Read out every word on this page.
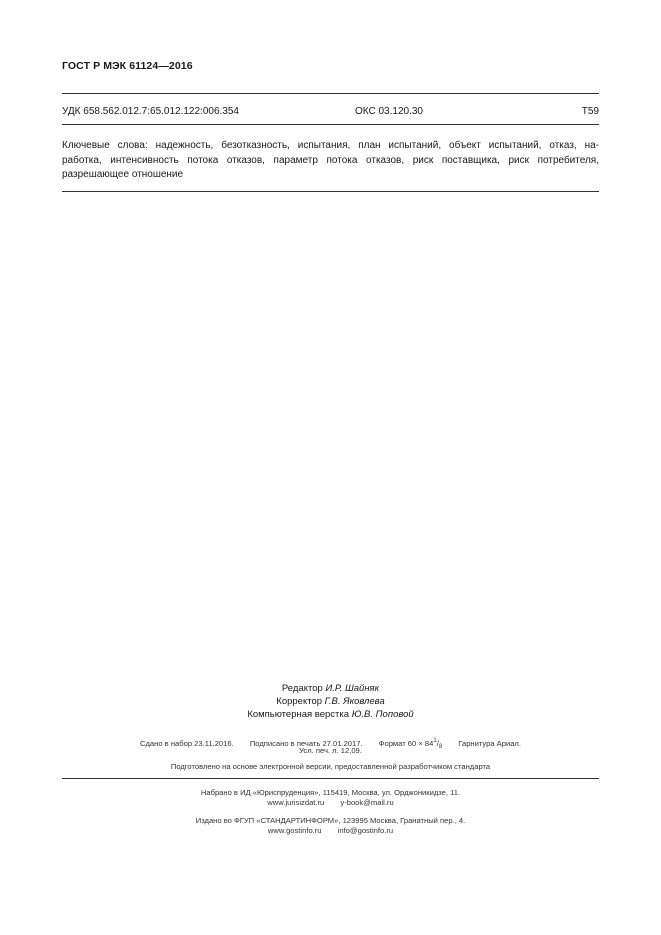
ГОСТ Р МЭК 61124—2016
УДК 658.562.012.7:65.012.122:006.354	ОКС 03.120.30	Т59
Ключевые слова: надежность, безотказность, испытания, план испытаний, объект испытаний, отказ, на-
работка, интенсивность потока отказов, параметр потока отказов, риск поставщика, риск потребителя,
разрешающее отношение
Редактор И.Р. Шайняк
Корректор Г.В. Яковлева
Компьютерная верстка Ю.В. Поповой
Сдано в набор 23.11.2016. Подписано в печать 27.01.2017. Формат $60 \times 84^1/_8$ Гарнитура Ариал.
Усл. печ. л. 12,09.
Подготовлено на основе электронной версии, предоставленной разработчиком стандарта
Набрано в ИД «Юриспруденция», 115419, Москва, ул. Орджоникидзе, 11.
www.jurisizdat.ru y-book@mail.ru
Издано во ФГУП «СТАНДАРТИНФОРМ», 123995 Москва, Гранатный пер., 4.
www.gostinfo.ru info@gostinfo.ru
